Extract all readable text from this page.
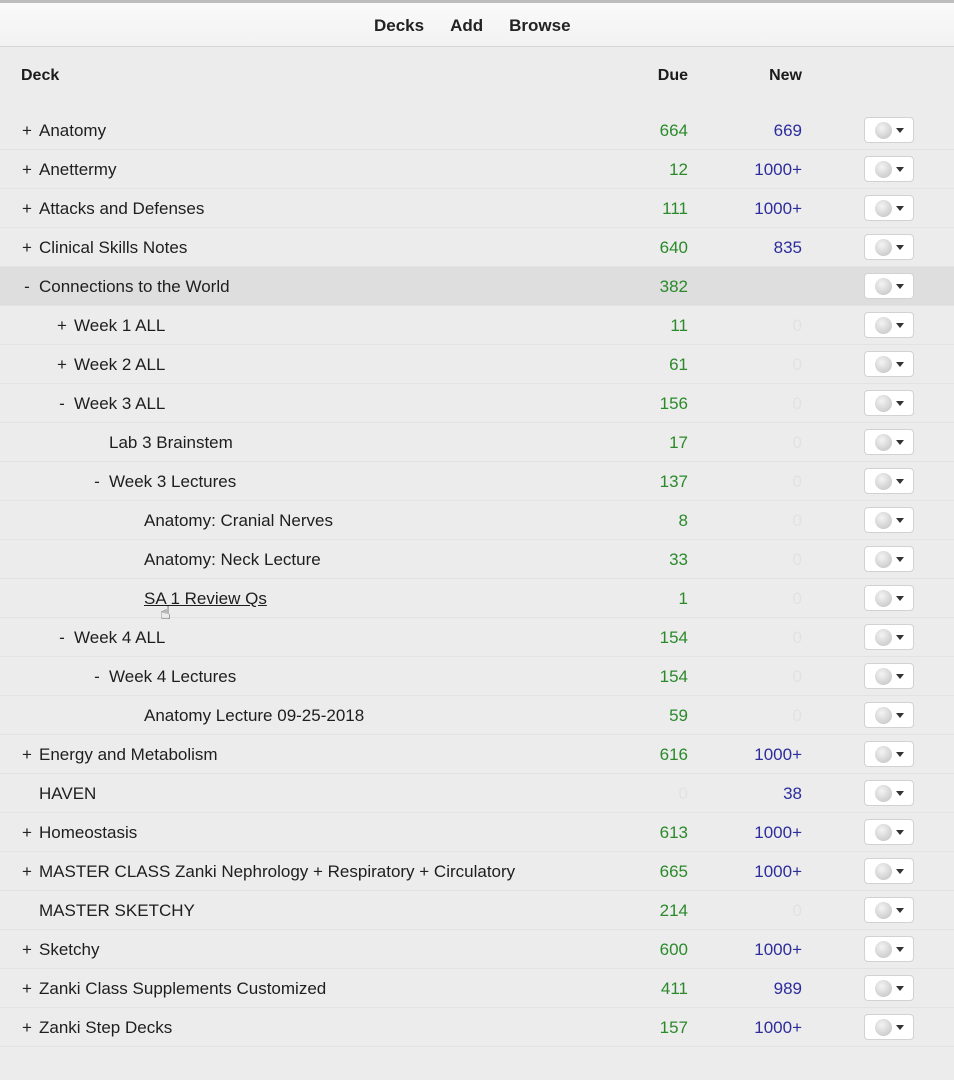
Decks Add Browse
Deck	Due	New
+ Anatomy	664	669
+ Anettermy	12	1000+
+ Attacks and Defenses	111	1000+
+ Clinical Skills Notes	640	835
- Connections to the World	382
+ Week 1 ALL	11	0
+ Week 2 ALL	61	0
- Week 3 ALL	156	0
Lab 3 Brainstem	17	0
- Week 3 Lectures	137	0
Anatomy: Cranial Nerves	8	0
Anatomy: Neck Lecture	33	0
SA 1 Review Qs	1	0
- Week 4 ALL	154	0
- Week 4 Lectures	154	0
Anatomy Lecture 09-25-2018	59	0
+ Energy and Metabolism	616	1000+
HAVEN	0	38
+ Homeostasis	613	1000+
+ MASTER CLASS Zanki Nephrology + Respiratory + Circulatory	665	1000+
MASTER SKETCHY	214	0
+ Sketchy	600	1000+
+ Zanki Class Supplements Customized	411	989
+ Zanki Step Decks	157	1000+
☝
